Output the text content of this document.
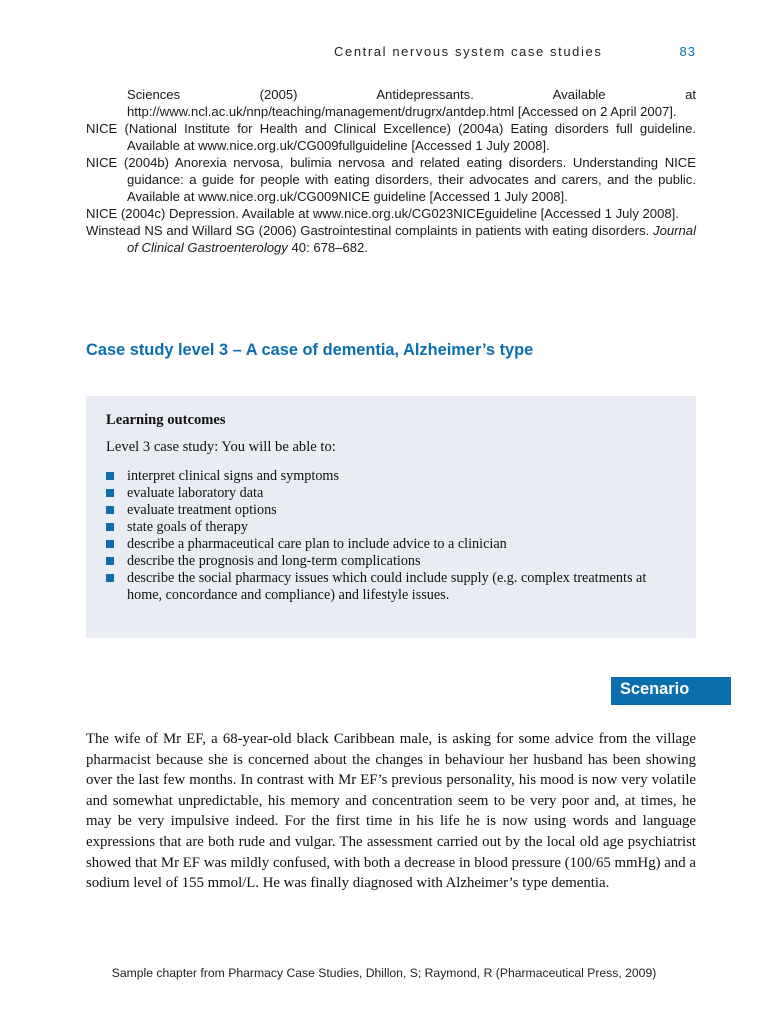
Central nervous system case studies	83

Sciences (2005) Antidepressants. Available at http://www.ncl.ac.uk/nnp/teaching/management/drugrx/antdep.html [Accessed on 2 April 2007].

NICE (National Institute for Health and Clinical Excellence) (2004a) Eating disorders full guideline. Available at www.nice.org.uk/CG009fullguideline [Accessed 1 July 2008].

NICE (2004b) Anorexia nervosa, bulimia nervosa and related eating disorders. Understanding NICE guidance: a guide for people with eating disorders, their advocates and carers, and the public. Available at www.nice.org.uk/CG009NICE guideline [Accessed 1 July 2008].

NICE (2004c) Depression. Available at www.nice.org.uk/CG023NICEguideline [Accessed 1 July 2008].

Winstead NS and Willard SG (2006) Gastrointestinal complaints in patients with eating disorders. Journal of Clinical Gastroenterology 40: 678–682.

Case study level 3 – A case of dementia, Alzheimer’s type

Learning outcomes

Level 3 case study: You will be able to:

interpret clinical signs and symptoms
evaluate laboratory data
evaluate treatment options
state goals of therapy
describe a pharmaceutical care plan to include advice to a clinician
describe the prognosis and long-term complications
describe the social pharmacy issues which could include supply (e.g. complex treatments at home, concordance and compliance) and lifestyle issues.
Scenario

The wife of Mr EF, a 68-year-old black Caribbean male, is asking for some advice from the village pharmacist because she is concerned about the changes in behaviour her husband has been showing over the last few months. In contrast with Mr EF’s previous personality, his mood is now very volatile and somewhat unpredictable, his memory and concentration seem to be very poor and, at times, he may be very impulsive indeed. For the first time in his life he is now using words and language expressions that are both rude and vulgar. The assessment carried out by the local old age psychiatrist showed that Mr EF was mildly confused, with both a decrease in blood pressure (100/65 mmHg) and a sodium level of 155 mmol/L. He was finally diagnosed with Alzheimer’s type dementia.

Sample chapter from Pharmacy Case Studies, Dhillon, S; Raymond, R (Pharmaceutical Press, 2009)
